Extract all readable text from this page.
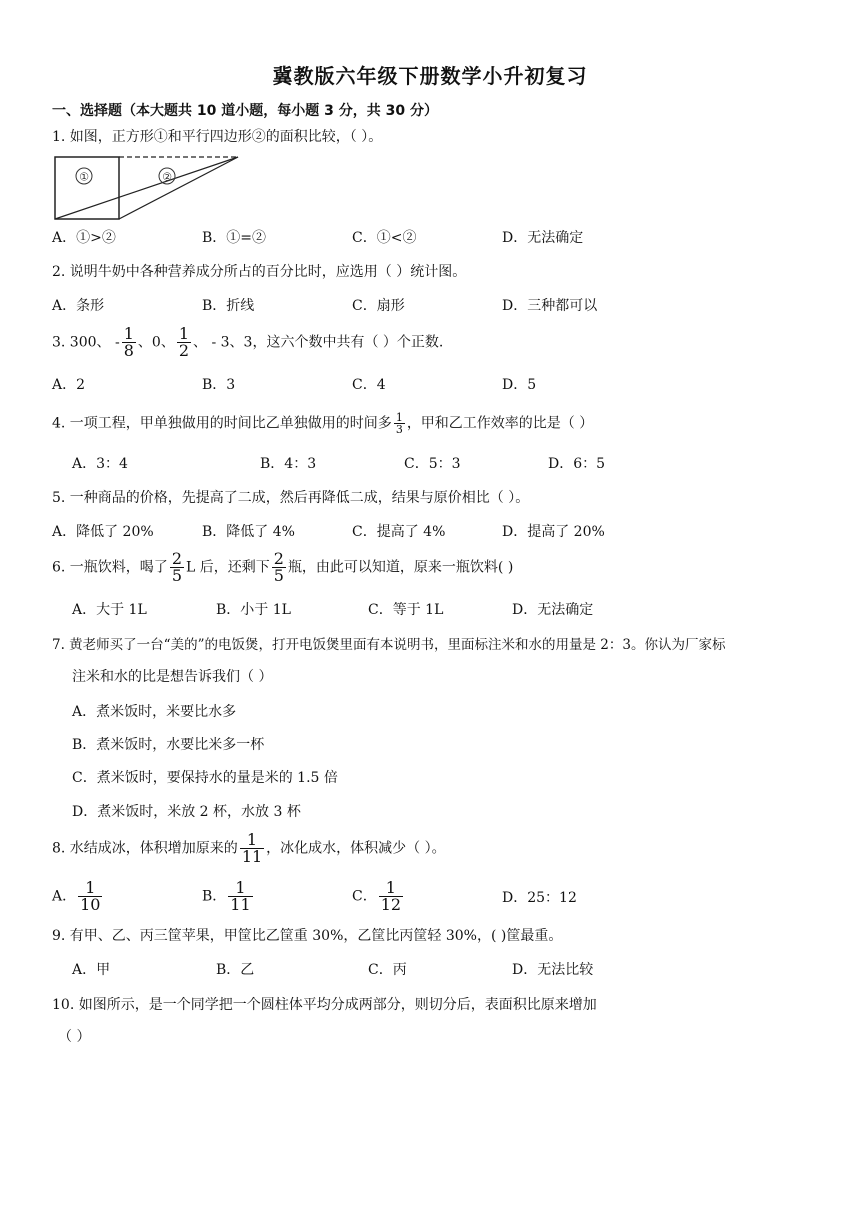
冀教版六年级下册数学小升初复习
一、选择题（本大题共 10 道小题，每小题 3 分，共 30 分）
1. 如图，正方形①和平行四边形②的面积比较，（ ）。
①	②
A．①>②	B．①=②	C．①<②	D．无法确定
2. 说明牛奶中各种营养成分所占的百分比时，应选用（ ）统计图。
A．条形	B．折线	C．扇形	D．三种都可以
3. 300、 - $\frac{1}{8}$ 、0、 $\frac{1}{2}$ 、 - 3、3，这六个数中共有（ ）个正数.
A．2	B．3	C．4	D．5
4. 一项工程，甲单独做用的时间比乙单独做用的时间多 $\frac{1}{3}$ ，甲和乙工作效率的比是（ ）
A．3：4	B．4：3	C．5：3	D．6：5
5. 一种商品的价格，先提高了二成，然后再降低二成，结果与原价相比（ ）。
A．降低了 20%	B．降低了 4%	C．提高了 4%	D．提高了 20%
6. 一瓶饮料，喝了 $\frac{2}{5}$ L 后，还剩下 $\frac{2}{5}$ 瓶，由此可以知道，原来一瓶饮料( )
A．大于 1L	B．小于 1L	C．等于 1L	D．无法确定
7. 黄老师买了一台“美的”的电饭煲，打开电饭煲里面有本说明书，里面标注米和水的用量是 2：3。你认为厂家标
注米和水的比是想告诉我们（ ）
A．煮米饭时，米要比水多
B．煮米饭时，水要比米多一杯
C．煮米饭时，要保持水的量是米的 1.5 倍
D．煮米饭时，米放 2 杯，水放 3 杯
8. 水结成冰，体积增加原来的 $\frac{1}{11}$ ，冰化成水，体积减少（ ）。
A． $\frac{1}{10}$	B． $\frac{1}{11}$	C． $\frac{1}{12}$	D．25：12
9. 有甲、乙、丙三筐苹果，甲筐比乙筐重 30%，乙筐比丙筐轻 30%，( )筐最重。
A．甲	B．乙	C．丙	D．无法比较
10. 如图所示，是一个同学把一个圆柱体平均分成两部分，则切分后，表面积比原来增加
（ ）
